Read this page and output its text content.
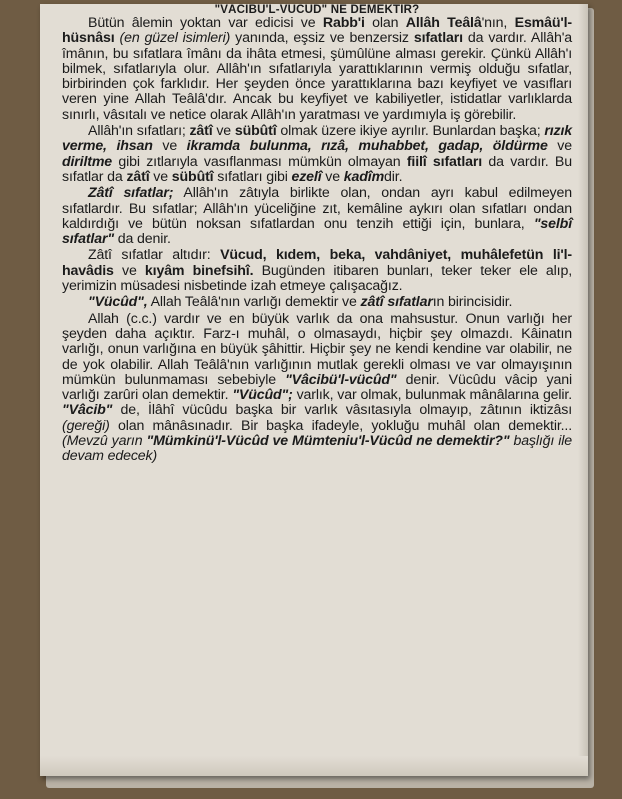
"VÂCİBÜ'L-VÜCÛD" NE DEMEKTİR?

Bütün âlemin yoktan var edicisi ve Rabb'i olan Allâh Teâlâ'nın, Esmâü'l-hüsnâsı (en güzel isimleri) yanında, eşsiz ve benzersiz sıfatları da vardır. Allâh'a îmânın, bu sıfatlara îmânı da ihâta etmesi, şümûlüne alması gerekir. Çünkü Allâh'ı bilmek, sıfatlarıyla olur. Allâh'ın sıfatlarıyla yarattıklarının vermiş olduğu sıfatlar, birbirinden çok farklıdır. Her şeyden önce yarattıklarına bazı keyfiyet ve vasıfları veren yine Allah Teâlâ'dır. Ancak bu keyfiyet ve kabiliyetler, istidatlar varlıklarda sınırlı, vâsıtalı ve netice olarak Allâh'ın yaratması ve yardımıyla iş görebilir.

Allâh'ın sıfatları; zâtî ve sübûtî olmak üzere ikiye ayrılır. Bunlardan başka; rızık verme, ihsan ve ikramda bulunma, rızâ, muhabbet, gadap, öldürme ve diriltme gibi zıtlarıyla vasıflanması mümkün olmayan fiilî sıfatları da vardır. Bu sıfatlar da zâtî ve sübûtî sıfatları gibi ezelî ve kadîmdir.

Zâtî sıfatlar; Allâh'ın zâtıyla birlikte olan, ondan ayrı kabul edilmeyen sıfatlardır. Bu sıfatlar; Allâh'ın yüceliğine zıt, kemâline aykırı olan sıfatları ondan kaldırdığı ve bütün noksan sıfatlardan onu tenzih ettiği için, bunlara, "selbî sıfatlar" da denir.

Zâtî sıfatlar altıdır: Vücud, kıdem, beka, vahdâniyet, muhâlefetün li'l-havâdis ve kıyâm binefsihî. Bugünden itibaren bunları, teker teker ele alıp, yerimizin müsadesi nisbetinde izah etmeye çalışacağız.

"Vücûd", Allah Teâlâ'nın varlığı demektir ve zâtî sıfatların birincisidir.

Allah (c.c.) vardır ve en büyük varlık da ona mahsustur. Onun varlığı her şeyden daha açıktır. Farz-ı muhâl, o olmasaydı, hiçbir şey olmazdı. Kâinatın varlığı, onun varlığına en büyük şâhittir. Hiçbir şey ne kendi kendine var olabilir, ne de yok olabilir. Allah Teâlâ'nın varlığının mutlak gerekli olması ve var olmayışının mümkün bulunmaması sebebiyle "Vâcibü'l-vücûd" denir. Vücûdu vâcip yani varlığı zarûri olan demektir. "Vücûd"; varlık, var olmak, bulunmak mânâlarına gelir. "Vâcib" de, İlâhî vücûdu başka bir varlık vâsıtasıyla olmayıp, zâtının iktizâsı (gereği) olan mânâsınadır. Bir başka ifadeyle, yokluğu muhâl olan demektir... (Mevzû yarın "Mümkinü'l-Vücûd ve Mümteniu'l-Vücûd ne demektir?" başlığı ile devam edecek)
